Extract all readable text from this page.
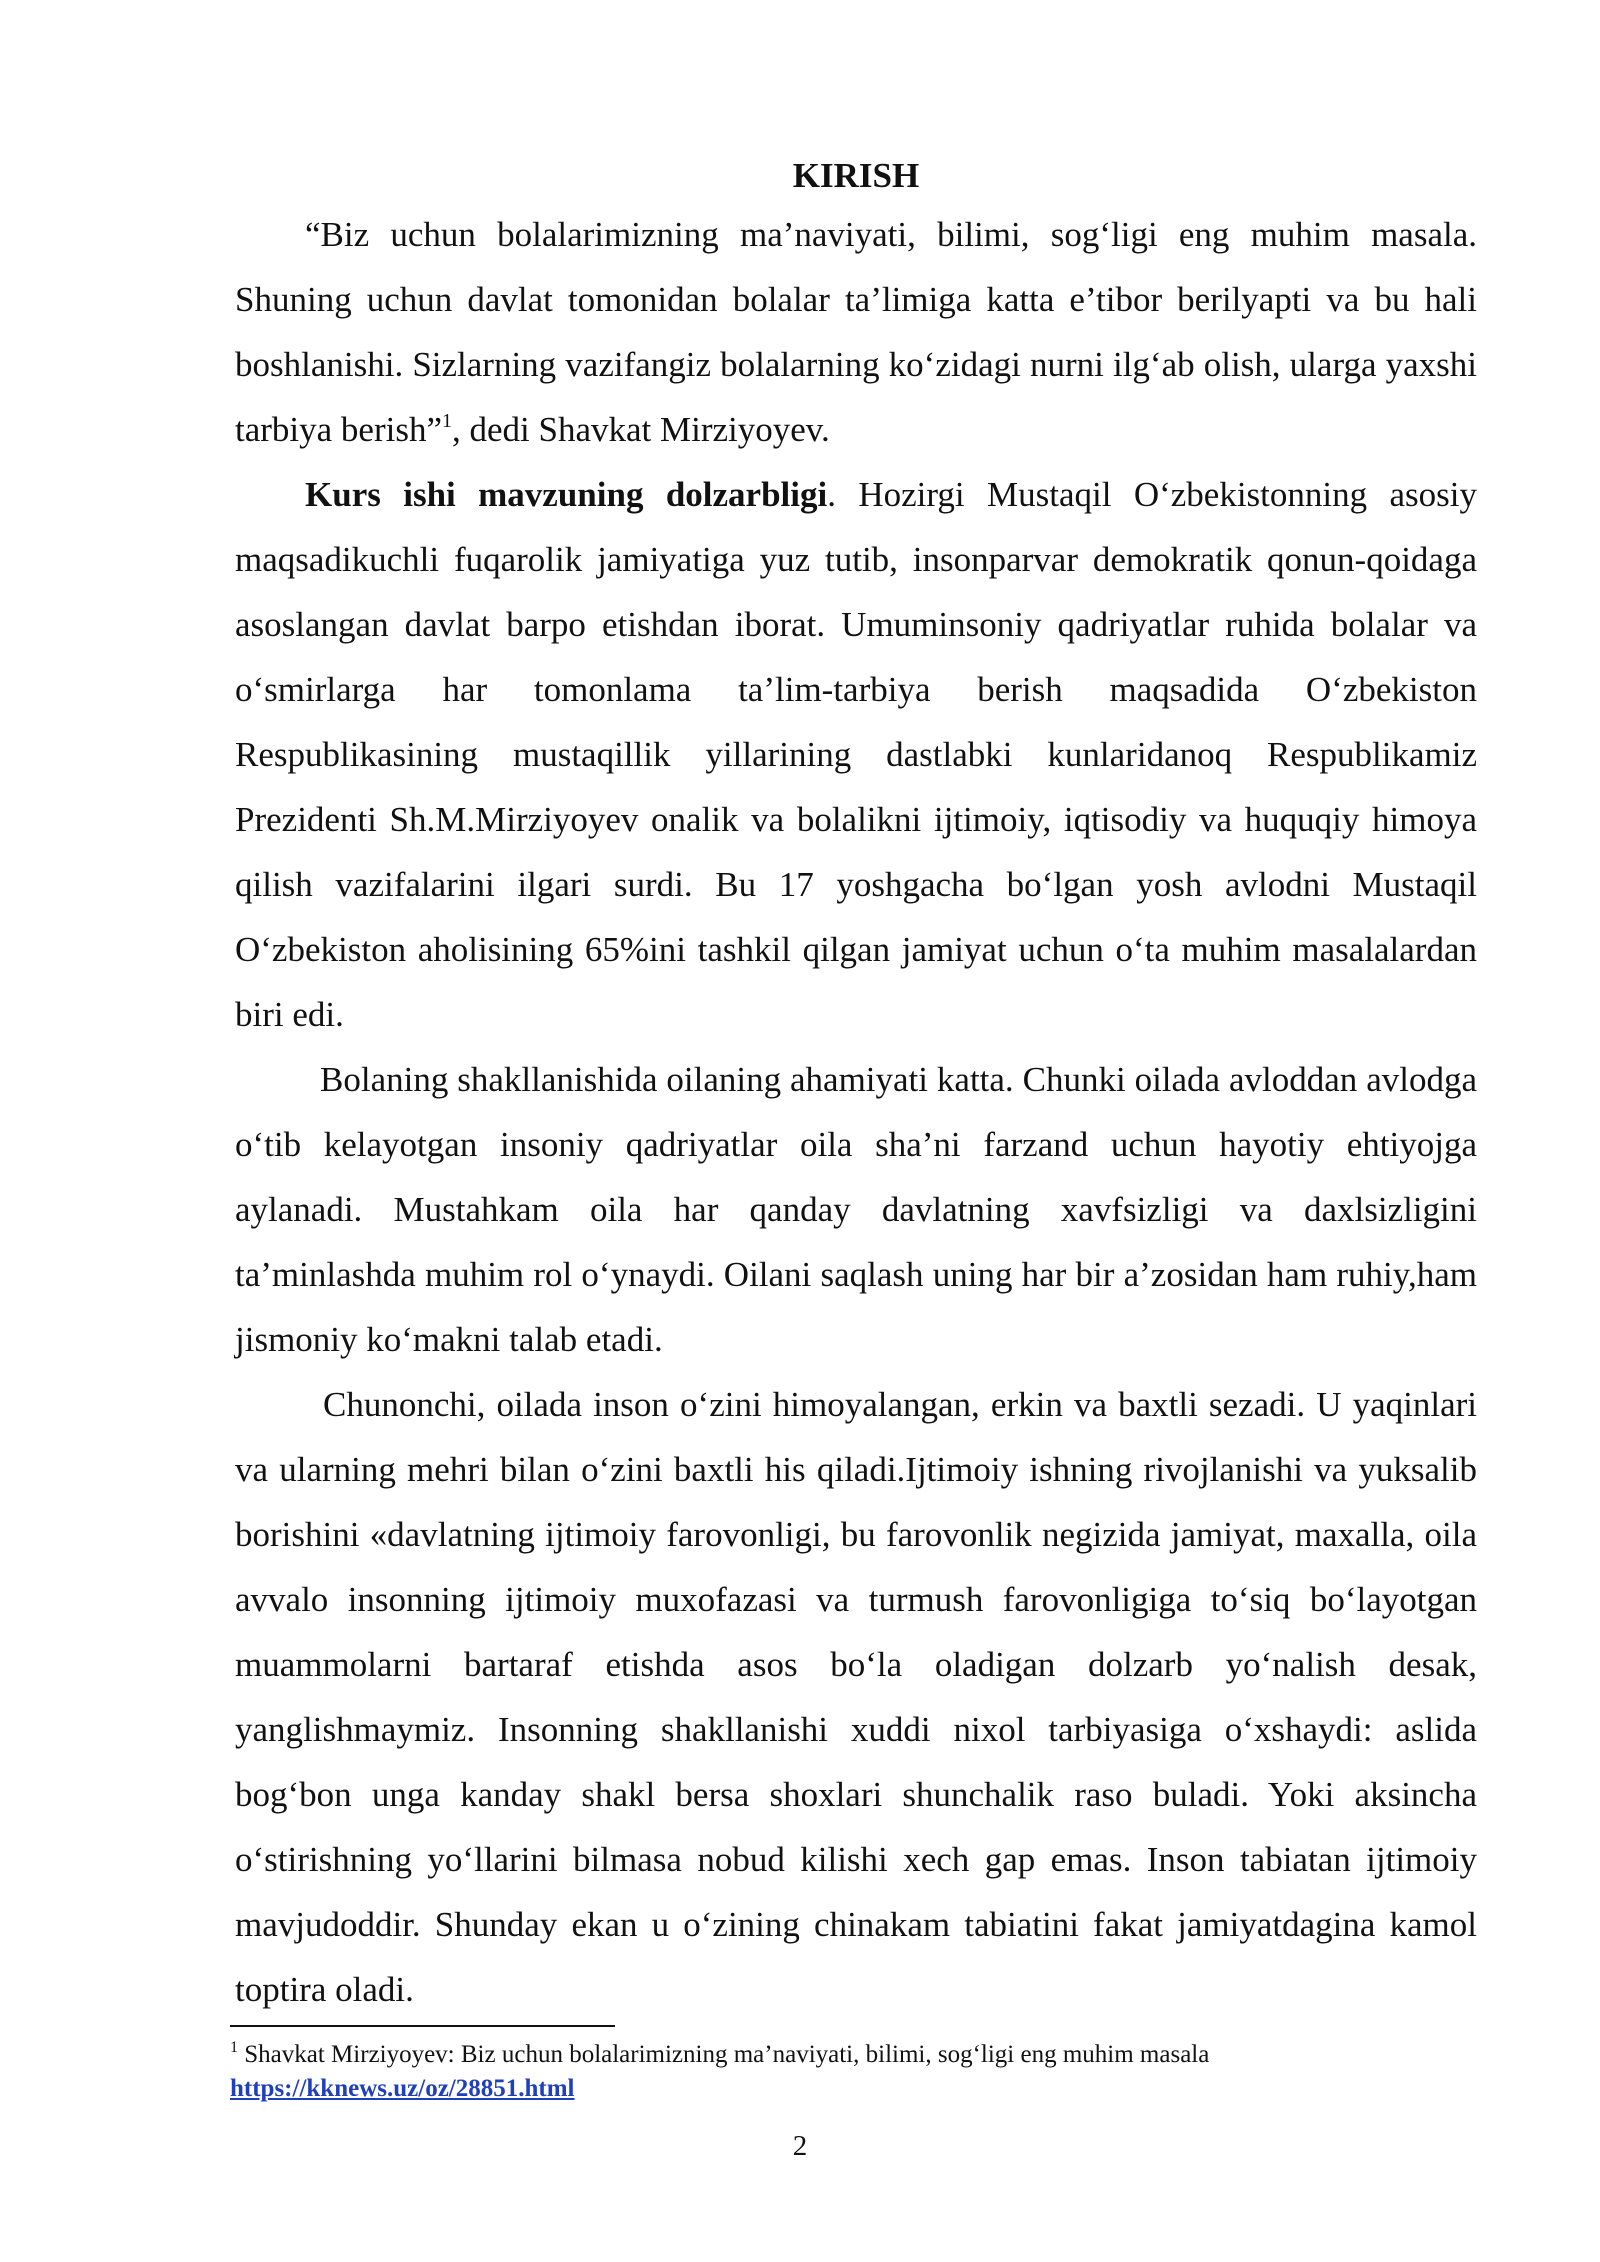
KIRISH

“Biz uchun bolalarimizning ma’naviyati, bilimi, sog‘ligi eng muhim masala. Shuning uchun davlat tomonidan bolalar ta’limiga katta e’tibor berilyapti va bu hali boshlanishi. Sizlarning vazifangiz bolalarning ko‘zidagi nurni ilg‘ab olish, ularga yaxshi tarbiya berish”$^1$, dedi Shavkat Mirziyoyev.

Kurs ishi mavzuning dolzarbligi. Hozirgi Mustaqil O‘zbekistonning asosiy maqsadikuchli fuqarolik jamiyatiga yuz tutib, insonparvar demokratik qonun-qoidaga asoslangan davlat barpo etishdan iborat. Umuminsoniy qadriyatlar ruhida bolalar va o‘smirlarga har tomonlama ta’lim-tarbiya berish maqsadida O‘zbekiston Respublikasining mustaqillik yillarining dastlabki kunlaridanoq Respublikamiz Prezidenti Sh.M.Mirziyoyev onalik va bolalikni ijtimoiy, iqtisodiy va huquqiy himoya qilish vazifalarini ilgari surdi. Bu 17 yoshgacha bo‘lgan yosh avlodni Mustaqil O‘zbekiston aholisining 65%ini tashkil qilgan jamiyat uchun o‘ta muhim masalalardan biri edi.

Bolaning shakllanishida oilaning ahamiyati katta. Chunki oilada avloddan avlodga o‘tib kelayotgan insoniy qadriyatlar oila sha’ni farzand uchun hayotiy ehtiyojga aylanadi. Mustahkam oila har qanday davlatning xavfsizligi va daxlsizligini ta’minlashda muhim rol o‘ynaydi. Oilani saqlash uning har bir a’zosidan ham ruhiy,ham jismoniy ko‘makni talab etadi.

Chunonchi, oilada inson o‘zini himoyalangan, erkin va baxtli sezadi. U yaqinlari va ularning mehri bilan o‘zini baxtli his qiladi.Ijtimoiy ishning rivojlanishi va yuksalib borishini «davlatning ijtimoiy farovonligi, bu farovonlik negizida jamiyat, maxalla, oila avvalo insonning ijtimoiy muxofazasi va turmush farovonligiga to‘siq bo‘layotgan muammolarni bartaraf etishda asos bo‘la oladigan dolzarb yo‘nalish desak, yanglishmaymiz. Insonning shakllanishi xuddi nixol tarbiyasiga o‘xshaydi: aslida bog‘bon unga kanday shakl bersa shoxlari shunchalik raso buladi. Yoki aksincha o‘stirishning yo‘llarini bilmasa nobud kilishi xech gap emas. Inson tabiatan ijtimoiy mavjudoddir. Shunday ekan u o‘zining chinakam tabiatini fakat jamiyatdagina kamol toptira oladi.

$^1$ Shavkat Mirziyoyev: Biz uchun bolalarimizning ma’naviyati, bilimi, sog‘ligi eng muhim masala
https://kknews.uz/oz/28851.html
2
